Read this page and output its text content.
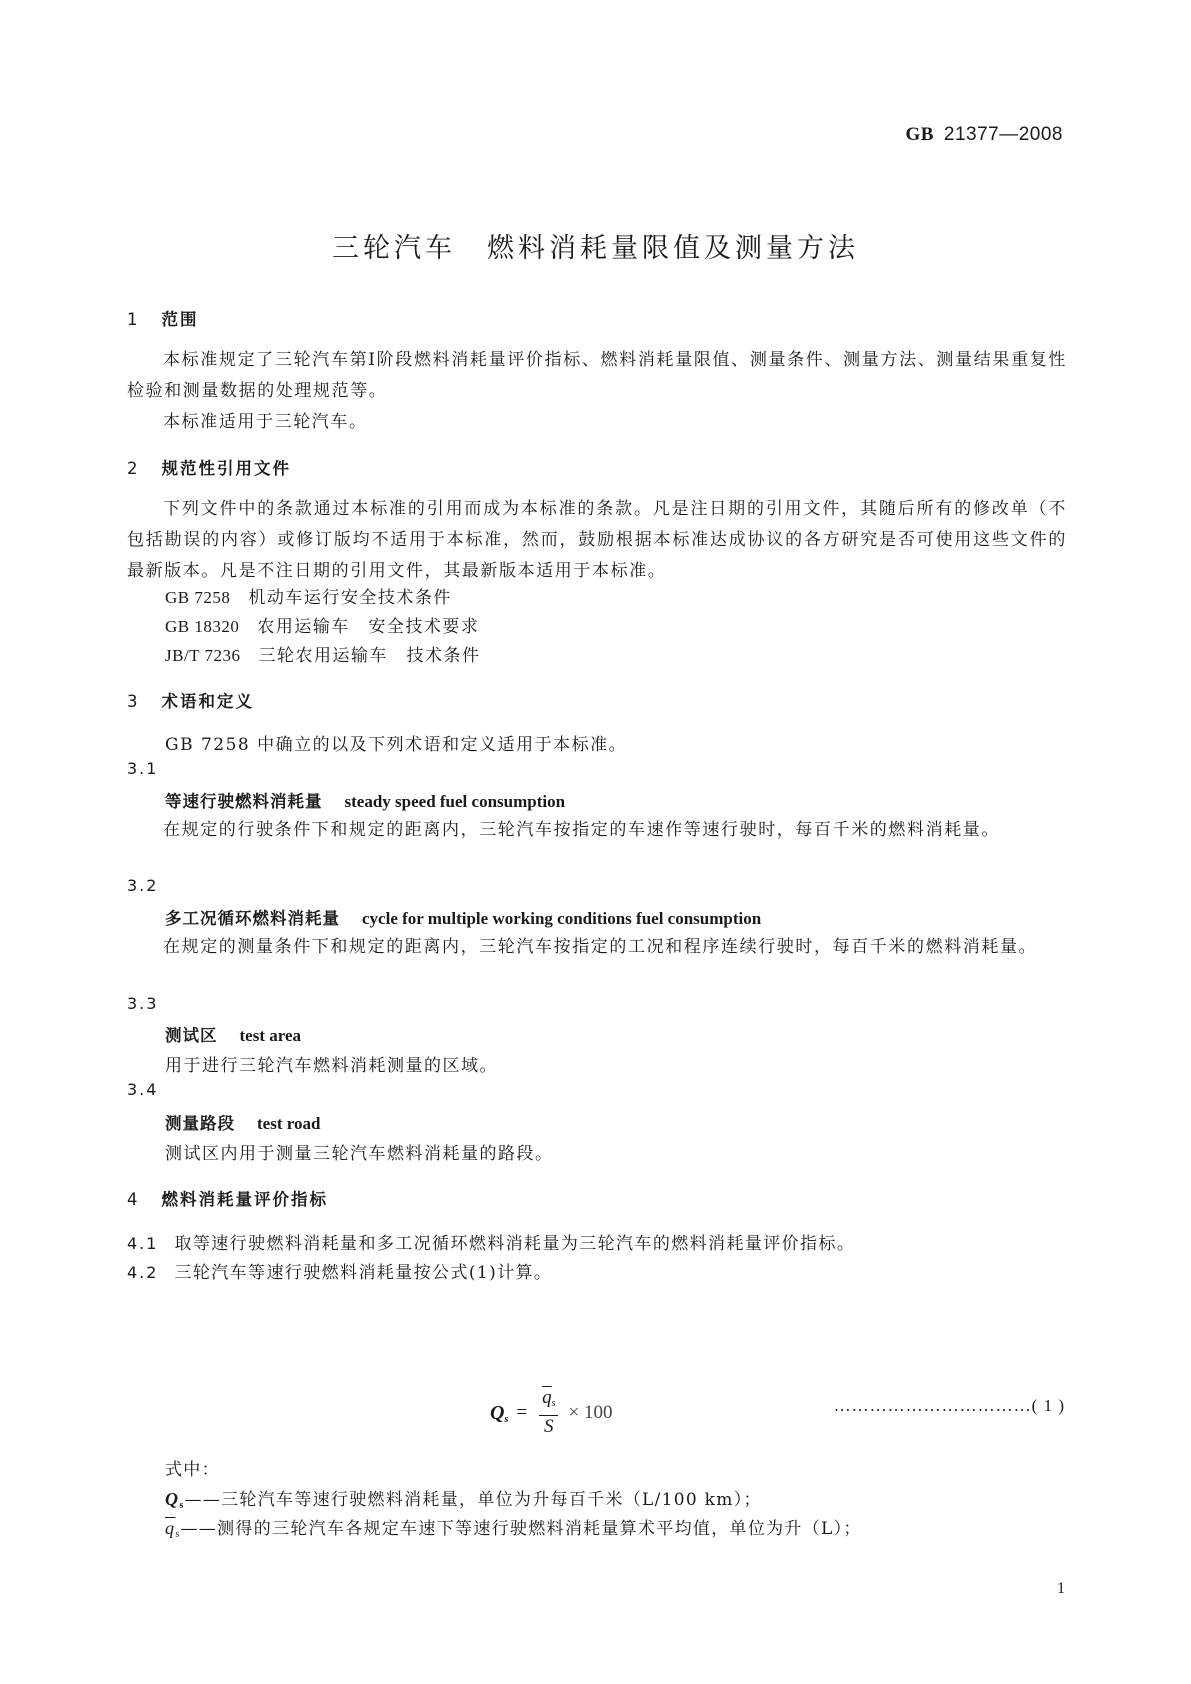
GB 21377—2008
三轮汽车　燃料消耗量限值及测量方法
1 范围
本标准规定了三轮汽车第Ⅰ阶段燃料消耗量评价指标、燃料消耗量限值、测量条件、测量方法、测量结果重复性检验和测量数据的处理规范等。
本标准适用于三轮汽车。
2 规范性引用文件
下列文件中的条款通过本标准的引用而成为本标准的条款。凡是注日期的引用文件，其随后所有的修改单（不包括勘误的内容）或修订版均不适用于本标准，然而，鼓励根据本标准达成协议的各方研究是否可使用这些文件的最新版本。凡是不注日期的引用文件，其最新版本适用于本标准。
GB 7258 机动车运行安全技术条件
GB 18320 农用运输车　安全技术要求
JB/T 7236 三轮农用运输车　技术条件
3 术语和定义
GB 7258 中确立的以及下列术语和定义适用于本标准。
3.1
等速行驶燃料消耗量 steady speed fuel consumption
在规定的行驶条件下和规定的距离内，三轮汽车按指定的车速作等速行驶时，每百千米的燃料消耗量。
3.2
多工况循环燃料消耗量 cycle for multiple working conditions fuel consumption
在规定的测量条件下和规定的距离内，三轮汽车按指定的工况和程序连续行驶时，每百千米的燃料消耗量。
3.3
测试区 test area
用于进行三轮汽车燃料消耗测量的区域。
3.4
测量路段 test road
测试区内用于测量三轮汽车燃料消耗量的路段。
4 燃料消耗量评价指标
4.1 取等速行驶燃料消耗量和多工况循环燃料消耗量为三轮汽车的燃料消耗量评价指标。
4.2 三轮汽车等速行驶燃料消耗量按公式(1)计算。
$Q_s = \frac{\overline{q}_s}{S} \times 100$	……………………………( 1 )
式中：
$Q_s——$三轮汽车等速行驶燃料消耗量，单位为升每百千米（L/100 km）；
$\overline{q}_s——$测得的三轮汽车各规定车速下等速行驶燃料消耗量算术平均值，单位为升（L）；
1
